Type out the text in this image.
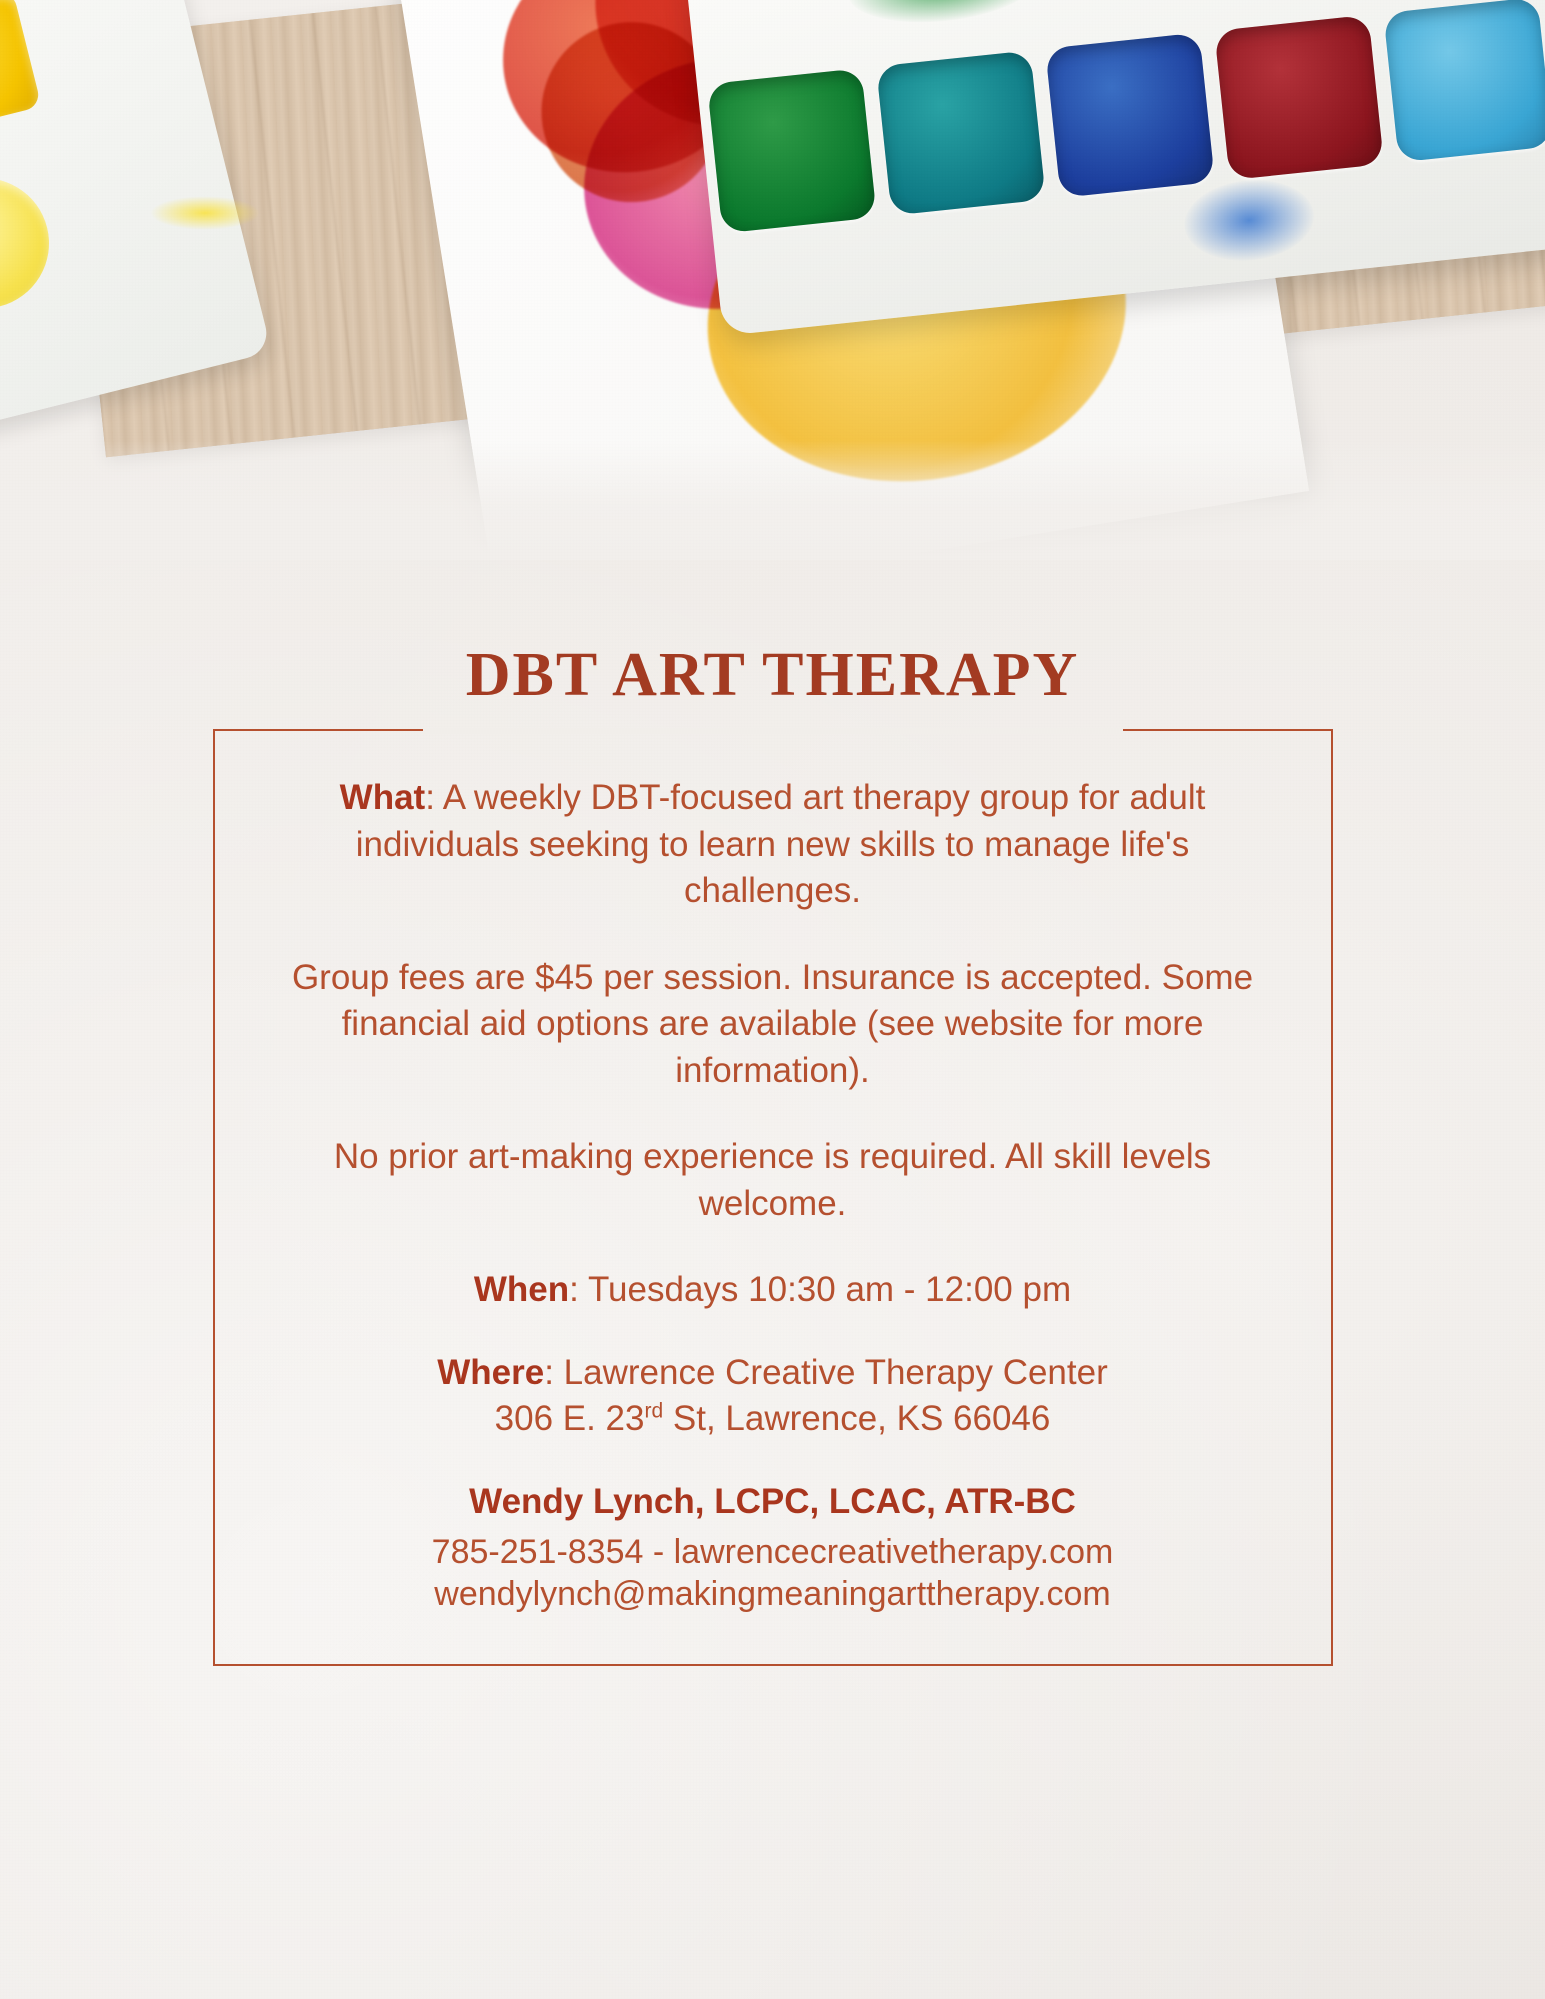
DBT ART THERAPY

What: A weekly DBT-focused art therapy group for adult individuals seeking to learn new skills to manage life's challenges.

Group fees are $45 per session. Insurance is accepted. Some financial aid options are available (see website for more information).

No prior art-making experience is required. All skill levels welcome.

When: Tuesdays 10:30 am - 12:00 pm

Where: Lawrence Creative Therapy Center
306 E. 23rd St, Lawrence, KS 66046

Wendy Lynch, LCPC, LCAC, ATR-BC

785-251-8354 - lawrencecreativetherapy.com

wendylynch@makingmeaningarttherapy.com
